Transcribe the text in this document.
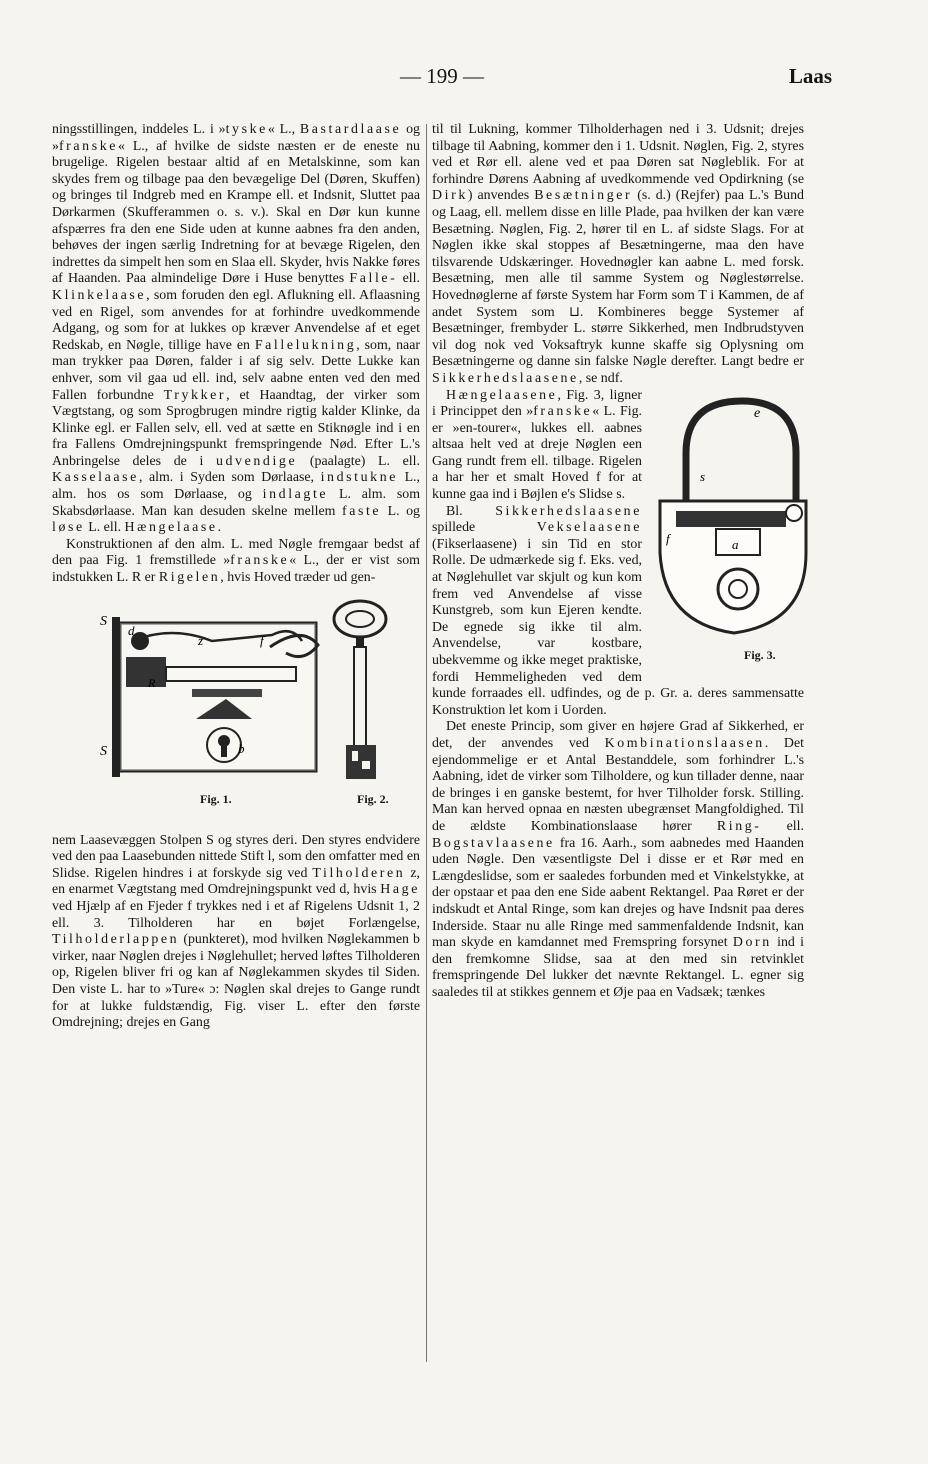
— 199 —	Laas

ningsstillingen, inddeles L. i »tyske« L., Bastardlaase og »franske« L., af hvilke de sidste næsten er de eneste nu brugelige. Rigelen bestaar altid af en Metalskinne, som kan skydes frem og tilbage paa den bevægelige Del (Døren, Skuffen) og bringes til Indgreb med en Krampe ell. et Indsnit, Sluttet paa Dørkarmen (Skufferammen o. s. v.). Skal en Dør kun kunne afspærres fra den ene Side uden at kunne aabnes fra den anden, behøves der ingen særlig Indretning for at bevæge Rigelen, den indrettes da simpelt hen som en Slaa ell. Skyder, hvis Nakke føres af Haanden. Paa almindelige Døre i Huse benyttes Falle- ell. Klinkelaase, som foruden den egl. Aflukning ell. Aflaasning ved en Rigel, som anvendes for at forhindre uvedkommende Adgang, og som for at lukkes op kræver Anvendelse af et eget Redskab, en Nøgle, tillige have en Fallelukning, som, naar man trykker paa Døren, falder i af sig selv. Dette Lukke kan enhver, som vil gaa ud ell. ind, selv aabne enten ved den med Fallen forbundne Trykker, et Haandtag, der virker som Vægtstang, og som Sprogbrugen mindre rigtig kalder Klinke, da Klinke egl. er Fallen selv, ell. ved at sætte en Stiknøgle ind i en fra Fallens Omdrejningspunkt fremspringende Nød. Efter L.'s Anbringelse deles de i udvendige (paalagte) L. ell. Kasselaase, alm. i Syden som Dørlaase, indstukne L., alm. hos os som Dørlaase, og indlagte L. alm. som Skabsdørlaase. Man kan desuden skelne mellem faste L. og løse L. ell. Hængelaase.

Konstruktionen af den alm. L. med Nøgle fremgaar bedst af den paa Fig. 1 fremstillede »franske« L., der er vist som indstukken L. R er Rigelen, hvis Hoved træder ud gen-

S
d
z	f
R
S	b
Fig. 1.	Fig. 2.

nem Laasevæggen Stolpen S og styres deri. Den styres endvidere ved den paa Laasebunden nittede Stift l, som den omfatter med en Slidse. Rigelen hindres i at forskyde sig ved Tilholderen z, en enarmet Vægtstang med Omdrejningspunkt ved d, hvis Hage ved Hjælp af en Fjeder f trykkes ned i et af Rigelens Udsnit 1, 2 ell. 3. Tilholderen har en bøjet Forlængelse, Tilholderlappen (punkteret), mod hvilken Nøglekammen b virker, naar Nøglen drejes i Nøglehullet; herved løftes Tilholderen op, Rigelen bliver fri og kan af Nøglekammen skydes til Siden. Den viste L. har to »Ture« ɔ: Nøglen skal drejes to Gange rundt for at lukke fuldstændig, Fig. viser L. efter den første Omdrejning; drejes en Gang

til til Lukning, kommer Tilholderhagen ned i 3. Udsnit; drejes tilbage til Aabning, kommer den i 1. Udsnit. Nøglen, Fig. 2, styres ved et Rør ell. alene ved et paa Døren sat Nøgleblik. For at forhindre Dørens Aabning af uvedkommende ved Opdirkning (se Dirk) anvendes Besætninger (s. d.) (Rejfer) paa L.'s Bund og Laag, ell. mellem disse en lille Plade, paa hvilken der kan være Besætning. Nøglen, Fig. 2, hører til en L. af sidste Slags. For at Nøglen ikke skal stoppes af Besætningerne, maa den have tilsvarende Udskæringer. Hovednøgler kan aabne L. med forsk. Besætning, men alle til samme System og Nøglestørrelse. Hovednøglerne af første System har Form som T i Kammen, de af andet System som ⊔. Kombineres begge Systemer af Besætninger, frembyder L. større Sikkerhed, men Indbrudstyven vil dog nok ved Voksaftryk kunne skaffe sig Oplysning om Besætningerne og danne sin falske Nøgle derefter. Langt bedre er
e
s
f	a
Fig. 3.
Sikkerhedslaasene, se ndf.

Hængelaasene, Fig. 3, ligner i Princippet den »franske« L. Fig. er »en-tourer«, lukkes ell. aabnes altsaa helt ved at dreje Nøglen een Gang rundt frem ell. tilbage. Rigelen a har her et smalt Hoved f for at kunne gaa ind i Bøjlen e's Slidse s.

Bl. Sikkerhedslaasene spillede Vekselaasene (Fikserlaasene) i sin Tid en stor Rolle. De udmærkede sig f. Eks. ved, at Nøglehullet var skjult og kun kom frem ved Anvendelse af visse Kunstgreb, som kun Ejeren kendte. De egnede sig ikke til alm. Anvendelse, var kostbare, ubekvemme og ikke meget praktiske, fordi Hemmeligheden ved dem kunde forraades ell. udfindes, og de p. Gr. a. deres sammensatte Konstruktion let kom i Uorden.

Det eneste Princip, som giver en højere Grad af Sikkerhed, er det, der anvendes ved Kombinationslaasen. Det ejendommelige er et Antal Bestanddele, som forhindrer L.'s Aabning, idet de virker som Tilholdere, og kun tillader denne, naar de bringes i en ganske bestemt, for hver Tilholder forsk. Stilling. Man kan herved opnaa en næsten ubegrænset Mangfoldighed. Til de ældste Kombinationslaase hører Ring- ell. Bogstavlaasene fra 16. Aarh., som aabnedes med Haanden uden Nøgle. Den væsentligste Del i disse er et Rør med en Længdeslidse, som er saaledes forbunden med et Vinkelstykke, at der opstaar et paa den ene Side aabent Rektangel. Paa Røret er der indskudt et Antal Ringe, som kan drejes og have Indsnit paa deres Inderside. Staar nu alle Ringe med sammenfaldende Indsnit, kan man skyde en kamdannet med Fremspring forsynet Dorn ind i den fremkomne Slidse, saa at den med sin retvinklet fremspringende Del lukker det nævnte Rektangel. L. egner sig saaledes til at stikkes gennem et Øje paa en Vadsæk; tænkes
